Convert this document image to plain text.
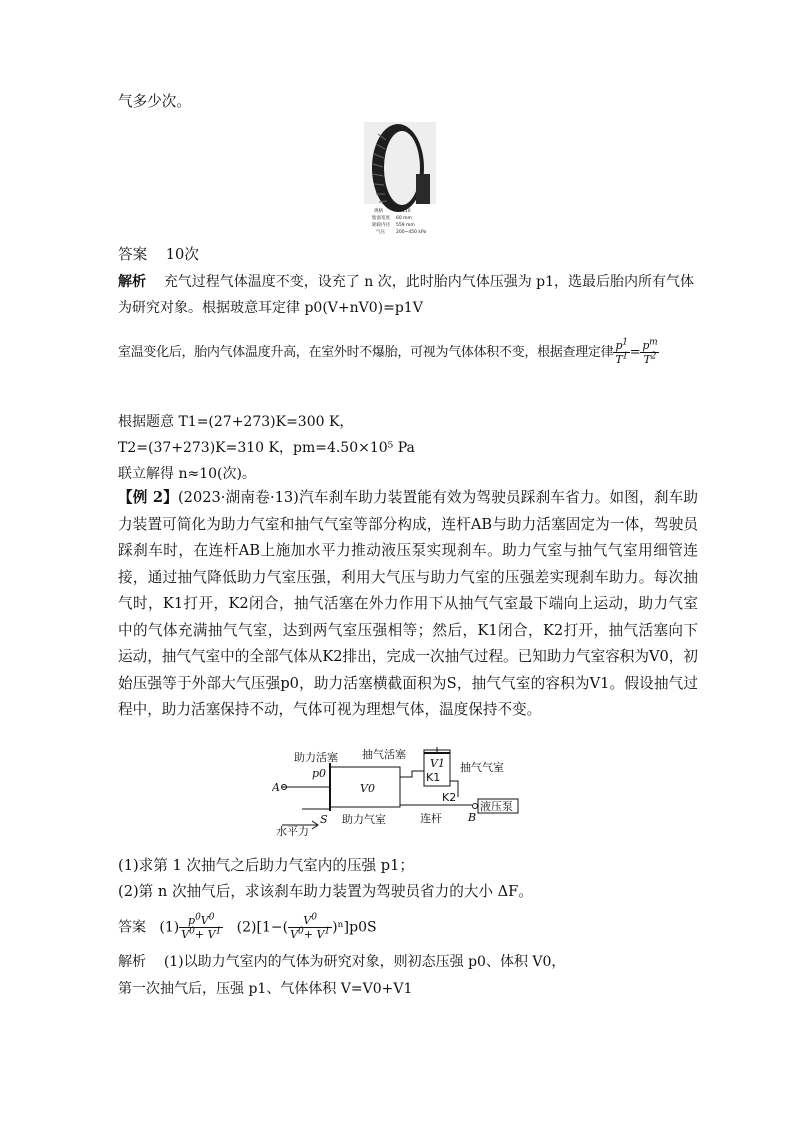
气多少次。
规格	C1110
胎面宽度 60 mm
轮毂内径 559 mm
气压 200~450 kPa
答案 10次
解析 充气过程气体温度不变，设充了 n 次，此时胎内气体压强为 p1，选最后胎内所有气体
为研究对象。根据玻意耳定律 p0(V+nV0)=p1V
室温变化后，胎内气体温度升高，在室外时不爆胎，可视为气体体积不变，根据查理定律 $\frac{p^1}{T^1} = \frac{p^m}{T^2}$
根据题意 T1=(27+273)K=300 K，
T2=(37+273)K=310 K，pm=4.50×10⁵ Pa
联立解得 n≈10(次)。
【例 2】(2023·湖南卷·13)汽车刹车助力装置能有效为驾驶员踩刹车省力。如图，刹车助力装置可简化为助力气室和抽气气室等部分构成，连杆AB与助力活塞固定为一体，驾驶员踩刹车时，在连杆AB上施加水平力推动液压泵实现刹车。助力气室与抽气气室用细管连接，通过抽气降低助力气室压强，利用大气压与助力气室的压强差实现刹车助力。每次抽气时，K1打开，K2闭合，抽气活塞在外力作用下从抽气气室最下端向上运动，助力气室中的气体充满抽气气室，达到两气室压强相等；然后，K1闭合，K2打开，抽气活塞向下运动，抽气气室中的全部气体从K2排出，完成一次抽气过程。已知助力气室容积为V0，初始压强等于外部大气压强p0，助力活塞横截面积为S，抽气气室的容积为V1。假设抽气过程中，助力活塞保持不动，气体可视为理想气体，温度保持不变。
抽气活塞
助力活塞
抽气气室
助力气室	连杆
液压泵
水平力
V0
V1
p0	K1
K2
A
B
S
(1)求第 1 次抽气之后助力气室内的压强 p1；
(2)第 n 次抽气后，求该刹车助力装置为驾驶员省力的大小 ΔF。
答案 $(1) \frac{p^0V^0}{V^0+ V^1} (2)[1-( \frac{V^0}{V^0+ V^1} )^n]p0S$
解析 (1)以助力气室内的气体为研究对象，则初态压强 p0、体积 V0，
第一次抽气后，压强 p1、气体体积 V=V0+V1
